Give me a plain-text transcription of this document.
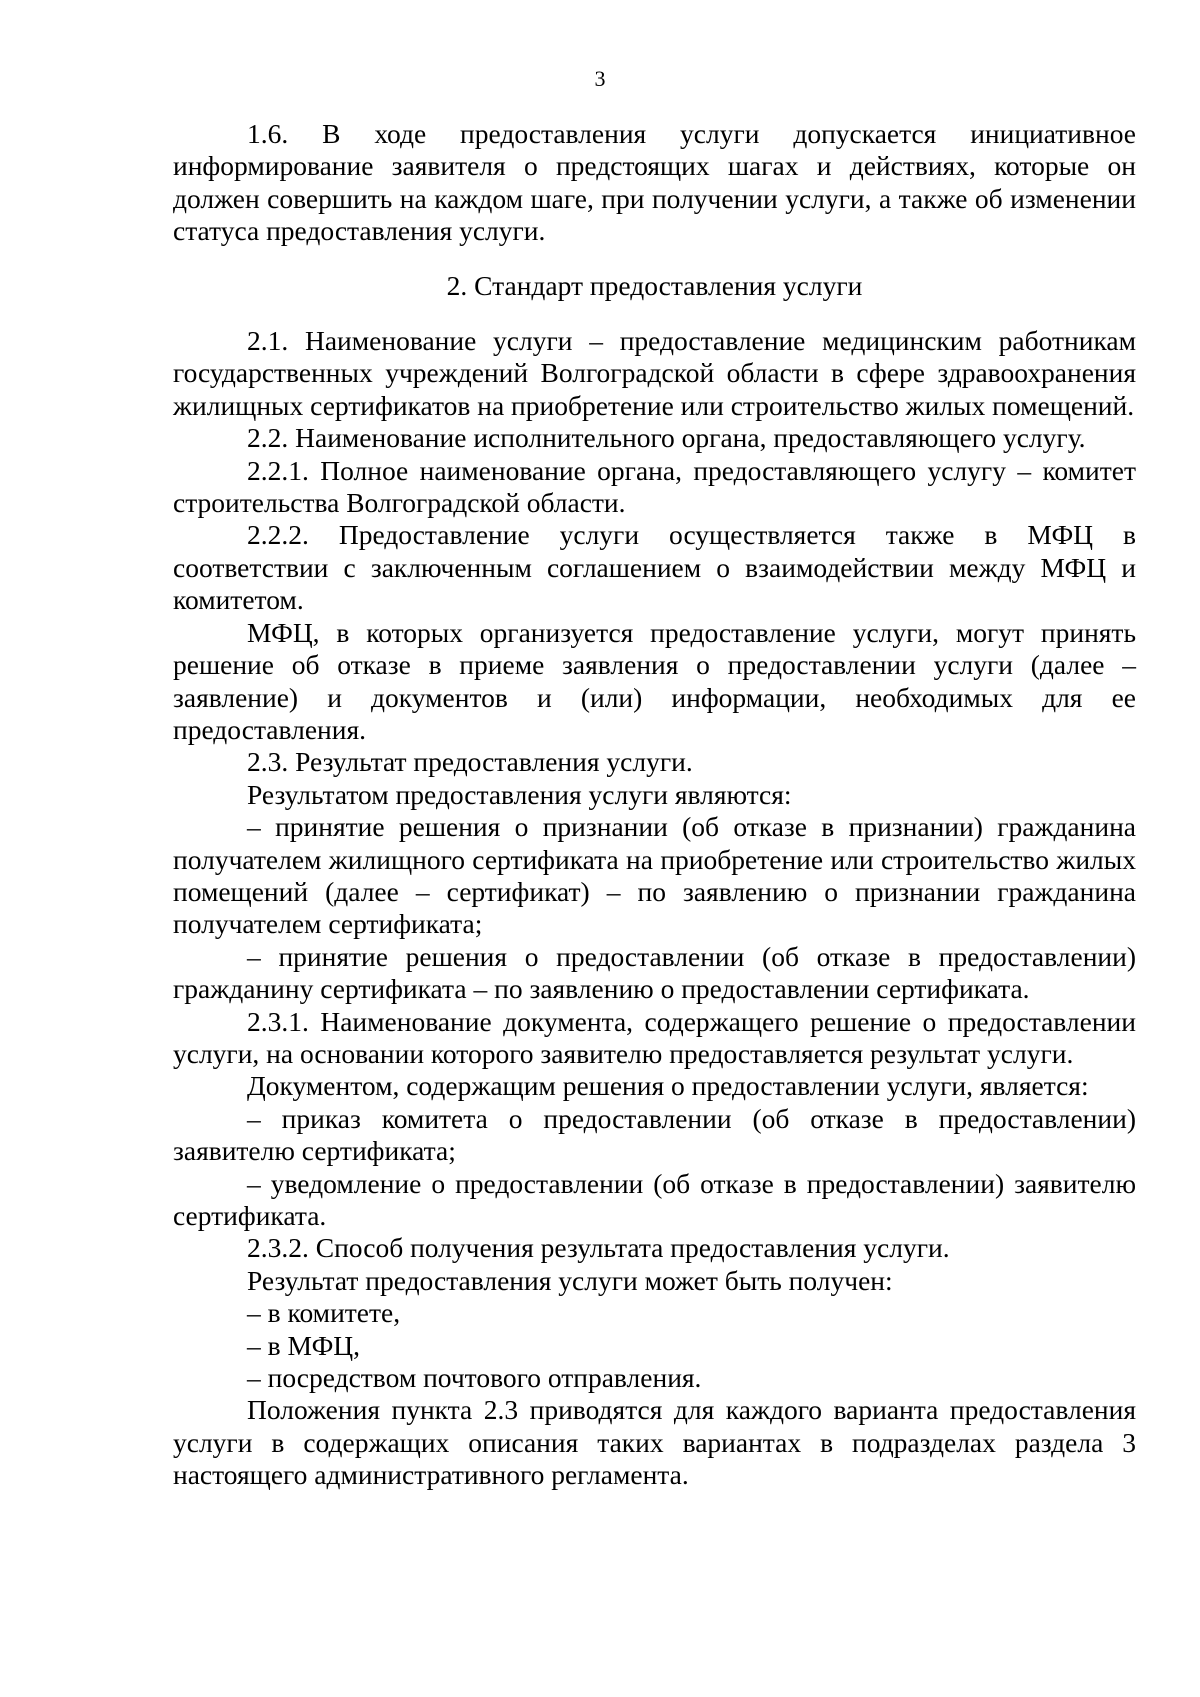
3

1.6. В ходе предоставления услуги допускается инициативное информирование заявителя о предстоящих шагах и действиях, которые он должен совершить на каждом шаге, при получении услуги, а также об изменении статуса предоставления услуги.

2. Стандарт предоставления услуги

2.1. Наименование услуги – предоставление медицинским работникам государственных учреждений Волгоградской области в сфере здравоохранения жилищных сертификатов на приобретение или строительство жилых помещений.

2.2. Наименование исполнительного органа, предоставляющего услугу.

2.2.1. Полное наименование органа, предоставляющего услугу – комитет строительства Волгоградской области.

2.2.2. Предоставление услуги осуществляется также в МФЦ в соответствии с заключенным соглашением о взаимодействии между МФЦ и комитетом.

МФЦ, в которых организуется предоставление услуги, могут принять решение об отказе в приеме заявления о предоставлении услуги (далее – заявление) и документов и (или) информации, необходимых для ее предоставления.

2.3. Результат предоставления услуги.

Результатом предоставления услуги являются:

– принятие решения о признании (об отказе в признании) гражданина получателем жилищного сертификата на приобретение или строительство жилых помещений (далее – сертификат) – по заявлению о признании гражданина получателем сертификата;

– принятие решения о предоставлении (об отказе в предоставлении) гражданину сертификата – по заявлению о предоставлении сертификата.

2.3.1. Наименование документа, содержащего решение о предоставлении услуги, на основании которого заявителю предоставляется результат услуги.

Документом, содержащим решения о предоставлении услуги, является:

– приказ комитета о предоставлении (об отказе в предоставлении) заявителю сертификата;

– уведомление о предоставлении (об отказе в предоставлении) заявителю сертификата.

2.3.2. Способ получения результата предоставления услуги.

Результат предоставления услуги может быть получен:

– в комитете,

– в МФЦ,

– посредством почтового отправления.

Положения пункта 2.3 приводятся для каждого варианта предоставления услуги в содержащих описания таких вариантах в подразделах раздела 3 настоящего административного регламента.
